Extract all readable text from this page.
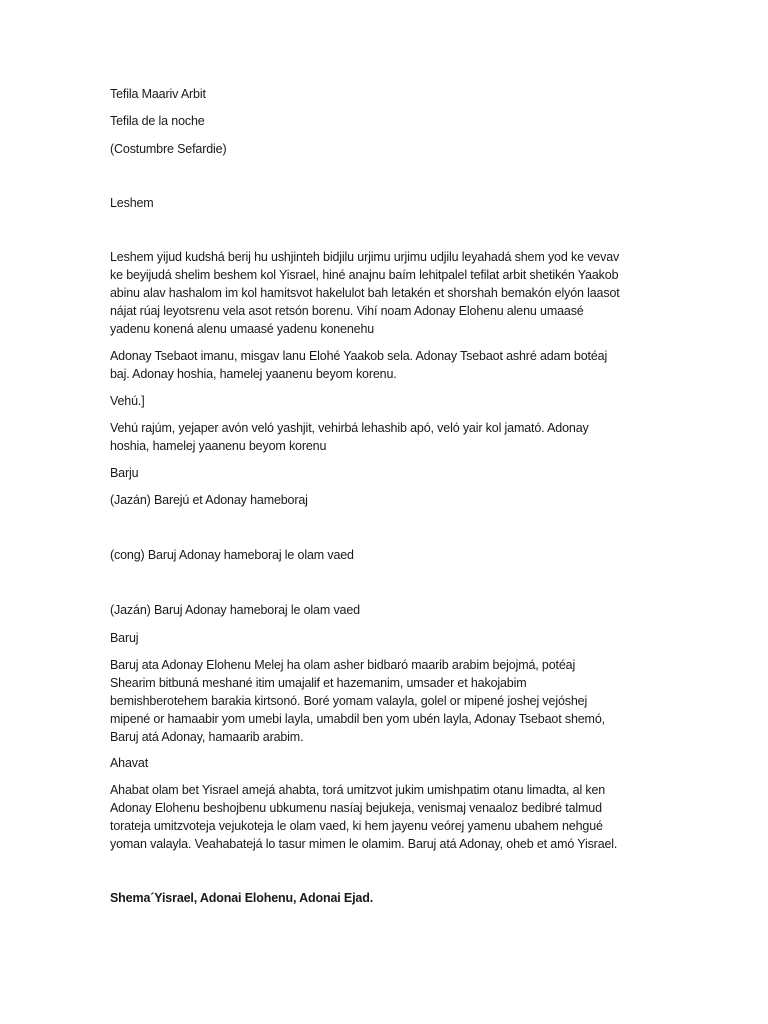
Tefila Maariv Arbit

Tefila de la noche

(Costumbre Sefardie)

Leshem

Leshem yijud kudshá berij hu ushjinteh bidjilu urjimu urjimu udjilu leyahadá shem yod ke vevav
ke beyijudá shelim beshem kol Yisrael, hiné anajnu baím lehitpalel tefilat arbit shetikén Yaakob
abinu alav hashalom im kol hamitsvot hakelulot bah letakén et shorshah bemakón elyón laasot
nájat rúaj leyotsrenu vela asot retsón borenu. Vihí noam Adonay Elohenu alenu umaasé
yadenu konená alenu umaasé yadenu konenehu

Adonay Tsebaot imanu, misgav lanu Elohé Yaakob sela. Adonay Tsebaot ashré adam botéaj
baj. Adonay hoshia, hamelej yaanenu beyom korenu.

Vehú.]

Vehú rajúm, yejaper avón veló yashjit, vehirbá lehashib apó, veló yair kol jamató. Adonay
hoshia, hamelej yaanenu beyom korenu

Barju

(Jazán) Barejú et Adonay hameboraj

(cong) Baruj Adonay hameboraj le olam vaed

(Jazán) Baruj Adonay hameboraj le olam vaed

Baruj

Baruj ata Adonay Elohenu Melej ha olam asher bidbaró maarib arabim bejojmá, potéaj
Shearim bitbuná meshané itim umajalif et hazemanim, umsader et hakojabim
bemishberotehem barakia kirtsonó. Boré yomam valayla, golel or mipené joshej vejóshej
mipené or hamaabir yom umebi layla, umabdil ben yom ubén layla, Adonay Tsebaot shemó,
Baruj atá Adonay, hamaarib arabim.

Ahavat

Ahabat olam bet Yisrael amejá ahabta, torá umitzvot jukim umishpatim otanu limadta, al ken
Adonay Elohenu beshojbenu ubkumenu nasíaj bejukeja, venismaj venaaloz bedibré talmud
torateja umitzvoteja vejukoteja le olam vaed, ki hem jayenu veórej yamenu ubahem nehgué
yoman valayla. Veahabatejá lo tasur mimen le olamim. Baruj atá Adonay, oheb et amó Yisrael.

Shema´Yisrael, Adonai Elohenu, Adonai Ejad.
